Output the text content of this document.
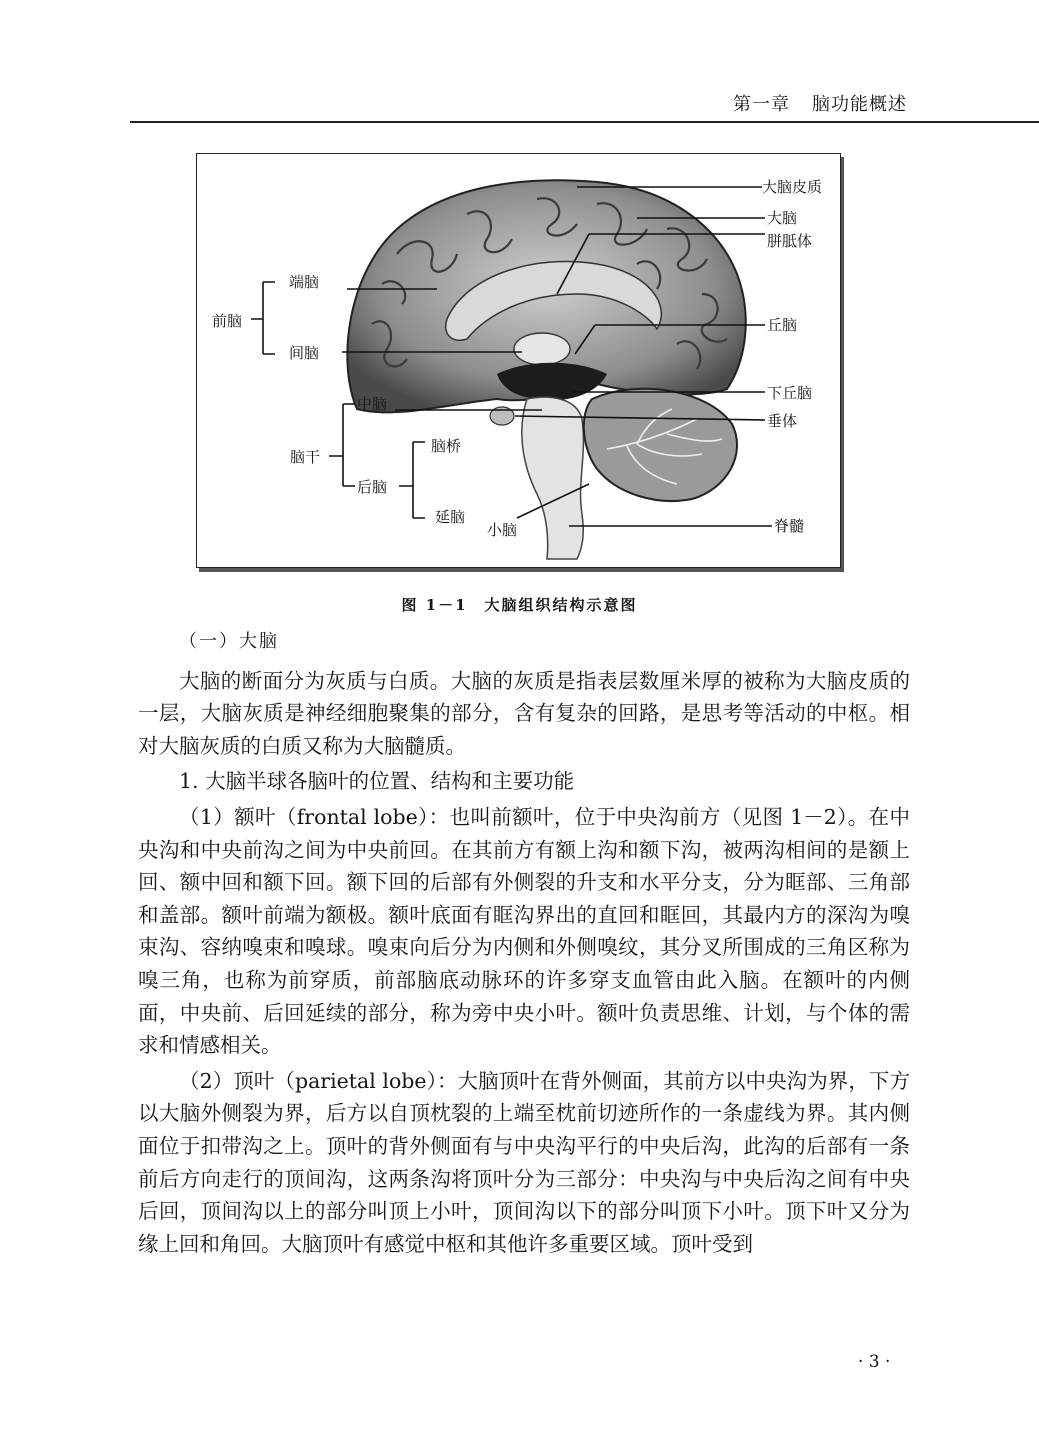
第一章 脑功能概述
大脑皮质
大脑
胼胝体
丘脑
下丘脑
垂体
脊髓
端脑
间脑
前脑
中脑
脑干
后脑
脑桥
延脑
小脑
图 1－1　大脑组织结构示意图

（一）大脑

大脑的断面分为灰质与白质。大脑的灰质是指表层数厘米厚的被称为大脑皮质的一层，大脑灰质是神经细胞聚集的部分，含有复杂的回路，是思考等活动的中枢。相对大脑灰质的白质又称为大脑髓质。

1. 大脑半球各脑叶的位置、结构和主要功能

（1）额叶（frontal lobe）：也叫前额叶，位于中央沟前方（见图 1－2）。在中央沟和中央前沟之间为中央前回。在其前方有额上沟和额下沟，被两沟相间的是额上回、额中回和额下回。额下回的后部有外侧裂的升支和水平分支，分为眶部、三角部和盖部。额叶前端为额极。额叶底面有眶沟界出的直回和眶回，其最内方的深沟为嗅束沟、容纳嗅束和嗅球。嗅束向后分为内侧和外侧嗅纹，其分叉所围成的三角区称为嗅三角，也称为前穿质，前部脑底动脉环的许多穿支血管由此入脑。在额叶的内侧面，中央前、后回延续的部分，称为旁中央小叶。额叶负责思维、计划，与个体的需求和情感相关。

（2）顶叶（parietal lobe）：大脑顶叶在背外侧面，其前方以中央沟为界，下方以大脑外侧裂为界，后方以自顶枕裂的上端至枕前切迹所作的一条虚线为界。其内侧面位于扣带沟之上。顶叶的背外侧面有与中央沟平行的中央后沟，此沟的后部有一条前后方向走行的顶间沟，这两条沟将顶叶分为三部分：中央沟与中央后沟之间有中央后回，顶间沟以上的部分叫顶上小叶，顶间沟以下的部分叫顶下小叶。顶下叶又分为缘上回和角回。大脑顶叶有感觉中枢和其他许多重要区域。顶叶受到

· 3 ·
